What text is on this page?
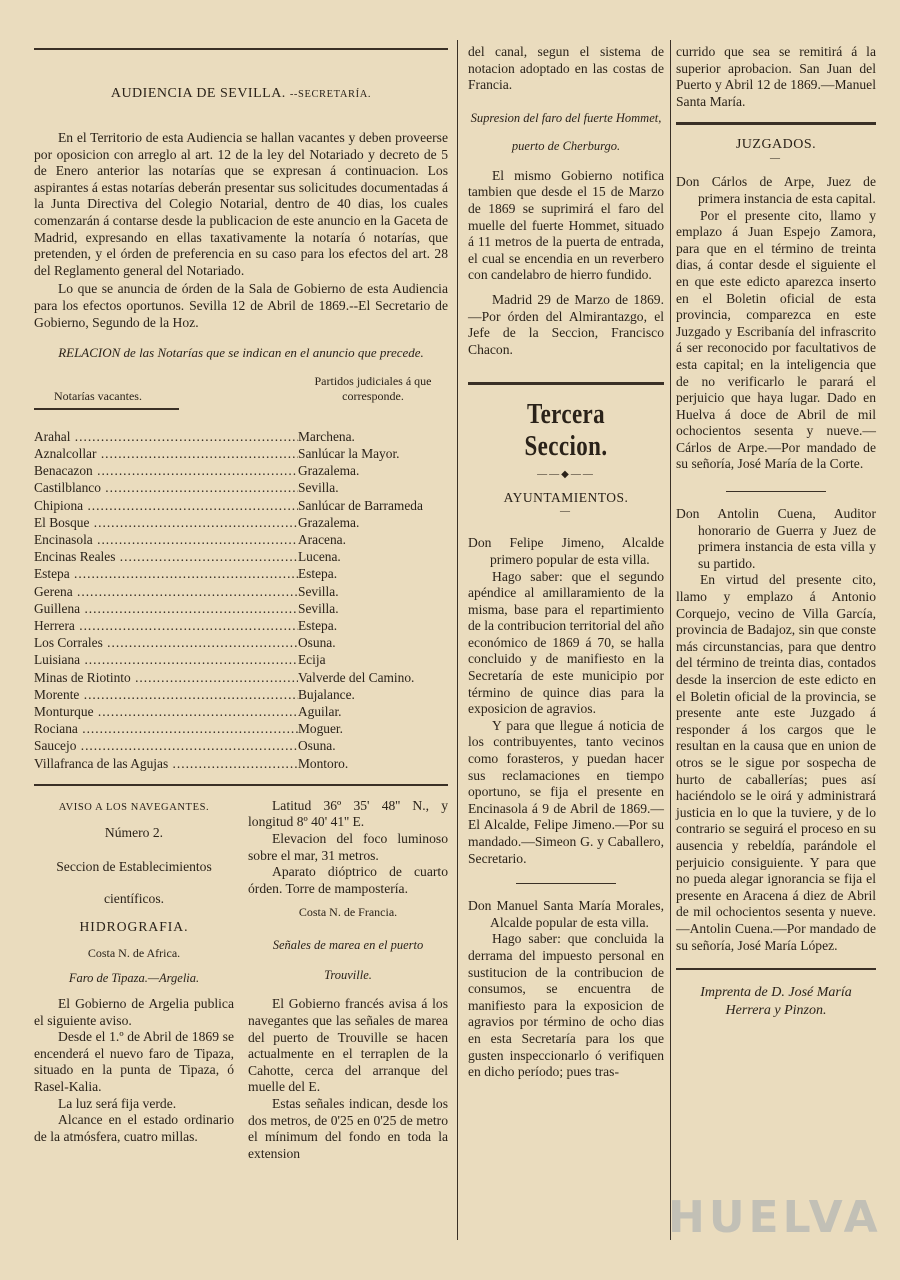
AUDIENCIA DE SEVILLA. --SECRETARÍA.

En el Territorio de esta Audiencia se hallan vacantes y deben proveerse por oposicion con arreglo al art. 12 de la ley del Notariado y decreto de 5 de Enero anterior las notarías que se expresan á continuacion. Los aspirantes á estas notarías deberán presentar sus solicitudes documentadas á la Junta Directiva del Colegio Notarial, dentro de 40 dias, los cuales comenzarán á contarse desde la publicacion de este anuncio en la Gaceta de Madrid, expresando en ellas taxativamente la notaría ó notarías, que pretenden, y el órden de preferencia en su caso para los efectos del art. 28 del Reglamento general del Notariado.

Lo que se anuncia de órden de la Sala de Gobierno de esta Audiencia para los efectos oportunos. Sevilla 12 de Abril de 1869.--El Secretario de Gobierno, Segundo de la Hoz.

RELACION de las Notarías que se indican en el anuncio que precede.

Notarías vacantes.
Partidos judiciales á que corresponde.
Arahal .....	Marchena.
Aznalcollar .....	Sanlúcar la Mayor.
Benacazon .....	Grazalema.
Castilblanco .....	Sevilla.
Chipiona .....	Sanlúcar de Barrameda
El Bosque .....	Grazalema.
Encinasola .....	Aracena.
Encinas Reales .....	Lucena.
Estepa .....	Estepa.
Gerena .....	Sevilla.
Guillena .....	Sevilla.
Herrera .....	Estepa.
Los Corrales .....	Osuna.
Luisiana .....	Ecija
Minas de Riotinto .....	Valverde del Camino.
Morente .....	Bujalance.
Monturque .....	Aguilar.
Rociana .....	Moguer.
Saucejo .....	Osuna.
Villafranca de las Agujas .....	Montoro.

AVISO A LOS NAVEGANTES.

Número 2.

Seccion de Establecimientos científicos.

HIDROGRAFIA.

Costa N. de Africa.

Faro de Tipaza.—Argelia.

El Gobierno de Argelia publica el siguiente aviso.

Desde el 1.º de Abril de 1869 se encenderá el nuevo faro de Tipaza, situado en la punta de Tipaza, ó Rasel-Kalia.

La luz será fija verde.

Alcance en el estado ordinario de la atmósfera, cuatro millas.

Latitud 36º 35' 48'' N., y longitud 8º 40' 41'' E.

Elevacion del foco luminoso sobre el mar, 31 metros.

Aparato dióptrico de cuarto órden. Torre de mampostería.

Costa N. de Francia.

Señales de marea en el puerto Trouville.

El Gobierno francés avisa á los navegantes que las señales de marea del puerto de Trouville se hacen actualmente en el terraplen de la Cahotte, cerca del arranque del muelle del E.

Estas señales indican, desde los dos metros, de 0'25 en 0'25 de metro el mínimum del fondo en toda la extension

del canal, segun el sistema de notacion adoptado en las costas de Francia.

Supresion del faro del fuerte Hommet, puerto de Cherburgo.

El mismo Gobierno notifica tambien que desde el 15 de Marzo de 1869 se suprimirá el faro del muelle del fuerte Hommet, situado á 11 metros de la puerta de entrada, el cual se encendia en un reverbero con candelabro de hierro fundido.

Madrid 29 de Marzo de 1869.—Por órden del Almirantazgo, el Jefe de la Seccion, Francisco Chacon.

Tercera Seccion.
——◆——

AYUNTAMIENTOS.

—

Don Felipe Jimeno, Alcalde primero popular de esta villa.

Hago saber: que el segundo apéndice al amillaramiento de la misma, base para el repartimiento de la contribucion territorial del año económico de 1869 á 70, se halla concluido y de manifiesto en la Secretaría de este municipio por término de quince dias para la exposicion de agravios.

Y para que llegue á noticia de los contribuyentes, tanto vecinos como forasteros, y puedan hacer sus reclamaciones en tiempo oportuno, se fija el presente en Encinasola á 9 de Abril de 1869.—El Alcalde, Felipe Jimeno.—Por su mandado.—Simeon G. y Caballero, Secretario.

Don Manuel Santa María Morales, Alcalde popular de esta villa.

Hago saber: que concluida la derrama del impuesto personal en sustitucion de la contribucion de consumos, se encuentra de manifiesto para la exposicion de agravios por término de ocho dias en esta Secretaría para los que gusten inspeccionarlo ó verifiquen en dicho período; pues tras-

currido que sea se remitirá á la superior aprobacion. San Juan del Puerto y Abril 12 de 1869.—Manuel Santa María.

JUZGADOS.

—

Don Cárlos de Arpe, Juez de primera instancia de esta capital.

Por el presente cito, llamo y emplazo á Juan Espejo Zamora, para que en el término de treinta dias, á contar desde el siguiente el en que este edicto aparezca inserto en el Boletin oficial de esta provincia, comparezca en este Juzgado y Escribanía del infrascrito á ser reconocido por facultativos de esta capital; en la inteligencia que de no verificarlo le parará el perjuicio que haya lugar. Dado en Huelva á doce de Abril de mil ochocientos sesenta y nueve.—Cárlos de Arpe.—Por mandado de su señoría, José María de la Corte.

Don Antolin Cuena, Auditor honorario de Guerra y Juez de primera instancia de esta villa y su partido.

En virtud del presente cito, llamo y emplazo á Antonio Corquejo, vecino de Villa García, provincia de Badajoz, sin que conste más circunstancias, para que dentro del término de treinta dias, contados desde la insercion de este edicto en el Boletin oficial de la provincia, se presente ante este Juzgado á responder á los cargos que le resultan en la causa que en union de otros se le sigue por sospecha de hurto de caballerías; pues así haciéndolo se le oirá y administrará justicia en lo que la tuviere, y de lo contrario se seguirá el proceso en su ausencia y rebeldía, parándole el perjuicio consiguiente. Y para que no pueda alegar ignorancia se fija el presente en Aracena á diez de Abril de mil ochocientos sesenta y nueve.—Antolin Cuena.—Por mandado de su señoría, José María López.

Imprenta de D. José María Herrera y Pinzon.

HUELVA
